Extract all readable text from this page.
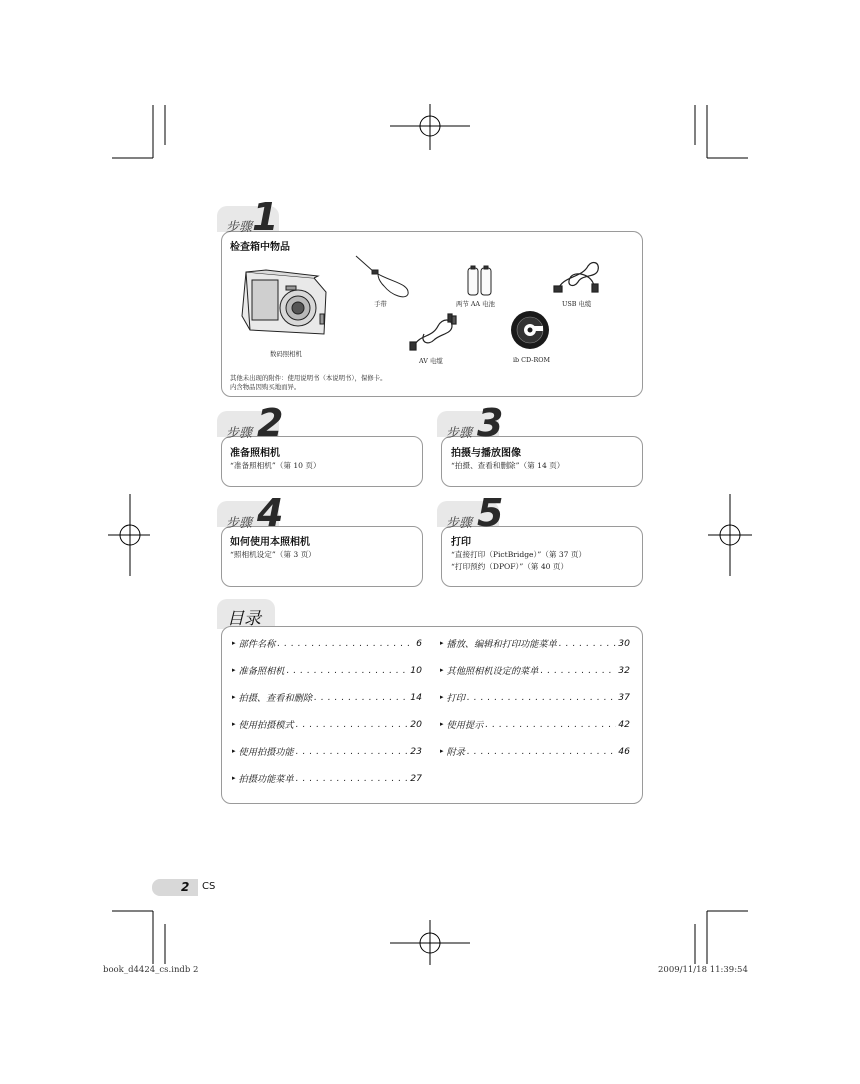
步骤 1
检查箱中物品
数码照相机
手带	两节 AA 电池	USB 电缆
AV 电缆	ib CD-ROM
其他未出现的附件：使用说明书（本说明书），保修卡。
内含物品因购买地而异。
步骤 2
准备照相机
“准备照相机”（第 10 页）
步骤 3
拍摄与播放图像
“拍摄、查看和删除”（第 14 页）
步骤 4
如何使用本照相机
“照相机设定”（第 3 页）
步骤 5
打印
“直接打印（PictBridge）”（第 37 页）
“打印预约（DPOF）”（第 40 页）
目录
▸ 部件名称 . . .	6
▸ 准备照相机 . . .	10
▸ 拍摄、查看和删除 . . .	14
▸ 使用拍摄模式 . . .	20
▸ 使用拍摄功能 . . .	23
▸ 拍摄功能菜单 . . .	27
▸ 播放、编辑和打印功能菜单 . . .	30
▸ 其他照相机设定的菜单 . . .	32
▸ 打印 . . .	37
▸ 使用提示 . . .	42
▸ 附录 . . .	46
2 CS
book_d4424_cs.indb 2	2009/11/18 11:39:54
